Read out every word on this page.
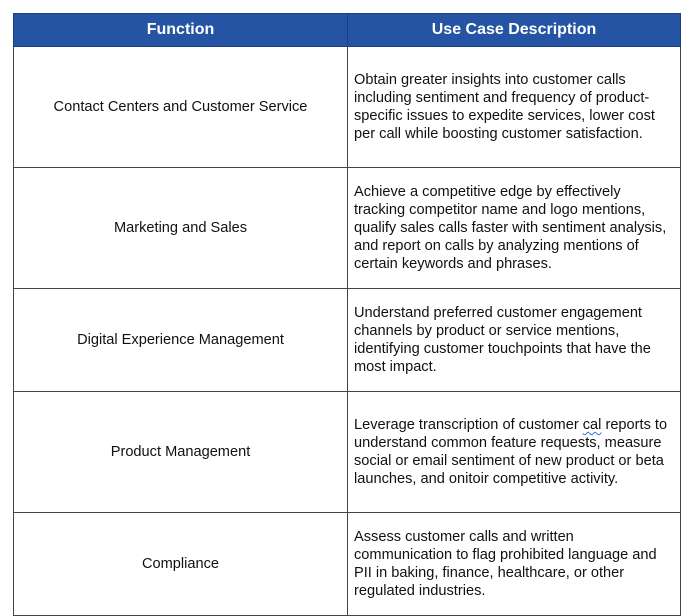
Function	Use Case Description
Contact Centers and Customer Service	Obtain greater insights into customer calls including sentiment and frequency of product-specific issues to expedite services, lower cost per call while boosting customer satisfaction.
Marketing and Sales	Achieve a competitive edge by effectively tracking competitor name and logo mentions, qualify sales calls faster with sentiment analysis, and report on calls by analyzing mentions of certain keywords and phrases.
Digital Experience Management	Understand preferred customer engagement channels by product or service mentions, identifying customer touchpoints that have the most impact.
Product Management	Leverage transcription of customer cal reports to understand common feature requests, measure social or email sentiment of new product or beta launches, and onitoir competitive activity.
Compliance	Assess customer calls and written communication to flag prohibited language and PII in baking, finance, healthcare, or other regulated industries.
